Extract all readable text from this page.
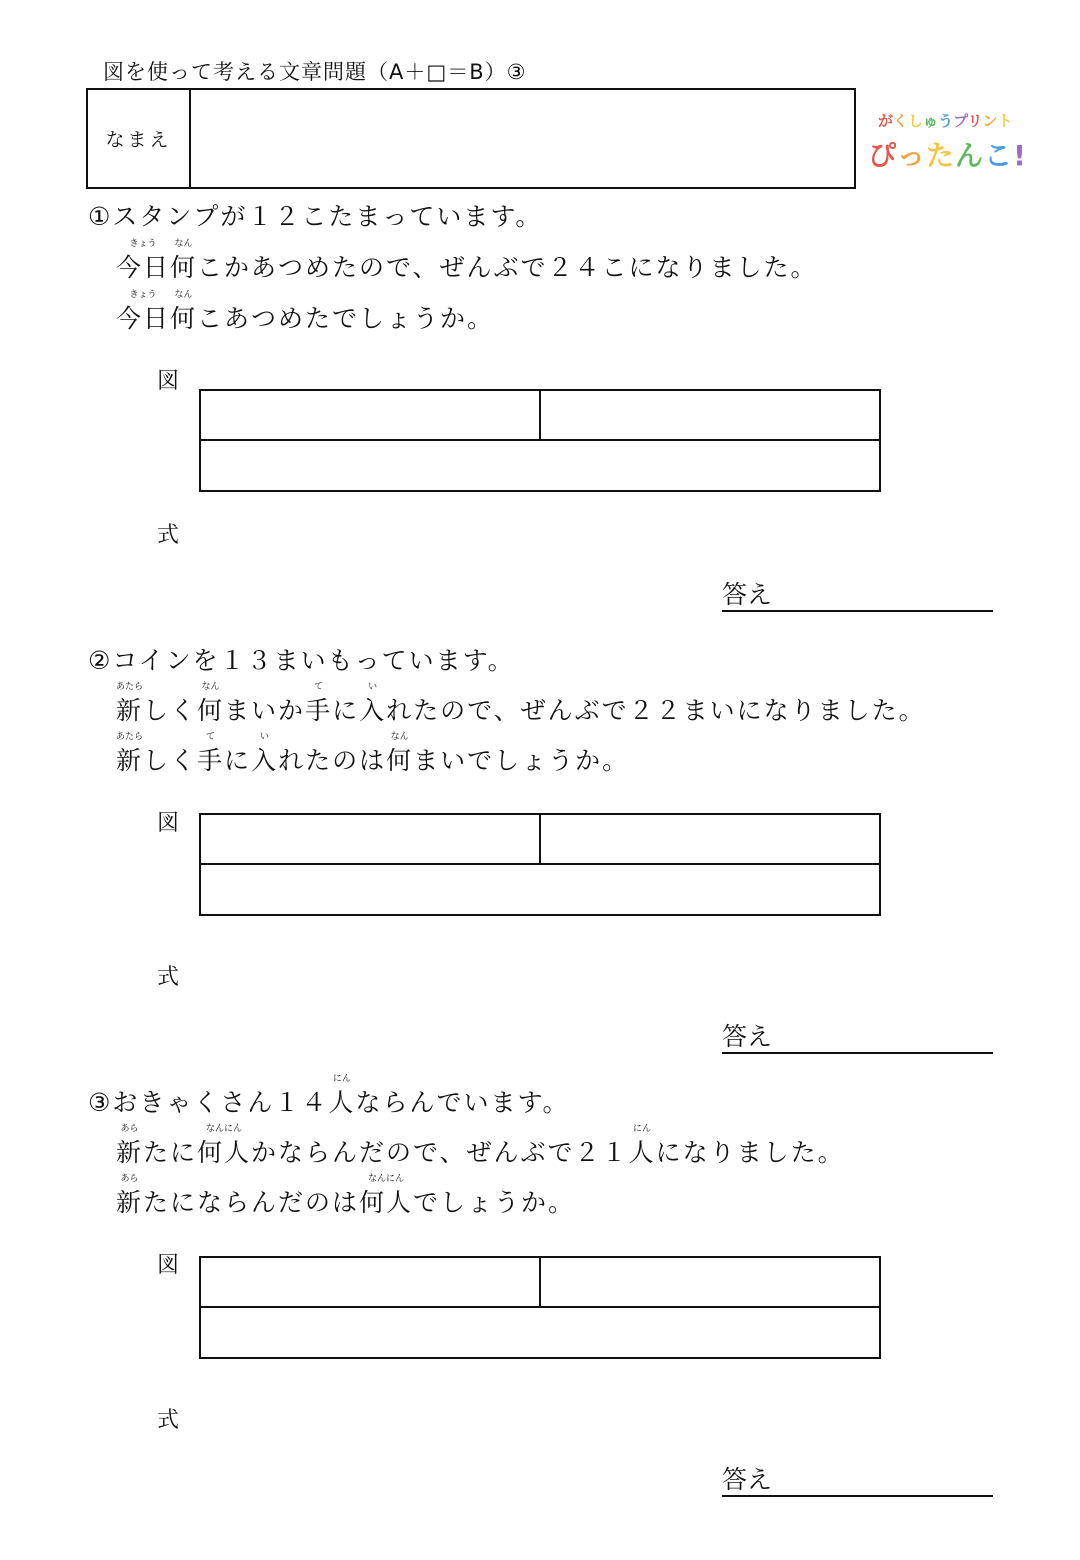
図を使って考える文章問題（A＋□＝B）③
なまえ
がくしゅうプリント
ぴったんこ!
①スタンプが１２こたまっています。
今日
きょう
何
なん
こかあつめたので、ぜんぶで２４こになりました。
今日
きょう
何
なん
こあつめたでしょうか。
図
式
答え
②コインを１３まいもっています。
新
あたら
しく何
なん
まいか手
て
に入
い
れたので、ぜんぶで２２まいになりました。
新
あたら
しく手
て
に入
い
れたのは何
なん
まいでしょうか。
図
式
答え
③おきゃくさん１４人
にん
ならんでいます。
新
あら
たに何人
なんにん
かならんだので、ぜんぶで２１人
にん
になりました。
新
あら
たにならんだのは何人
なんにん
でしょうか。
図
式
答え
